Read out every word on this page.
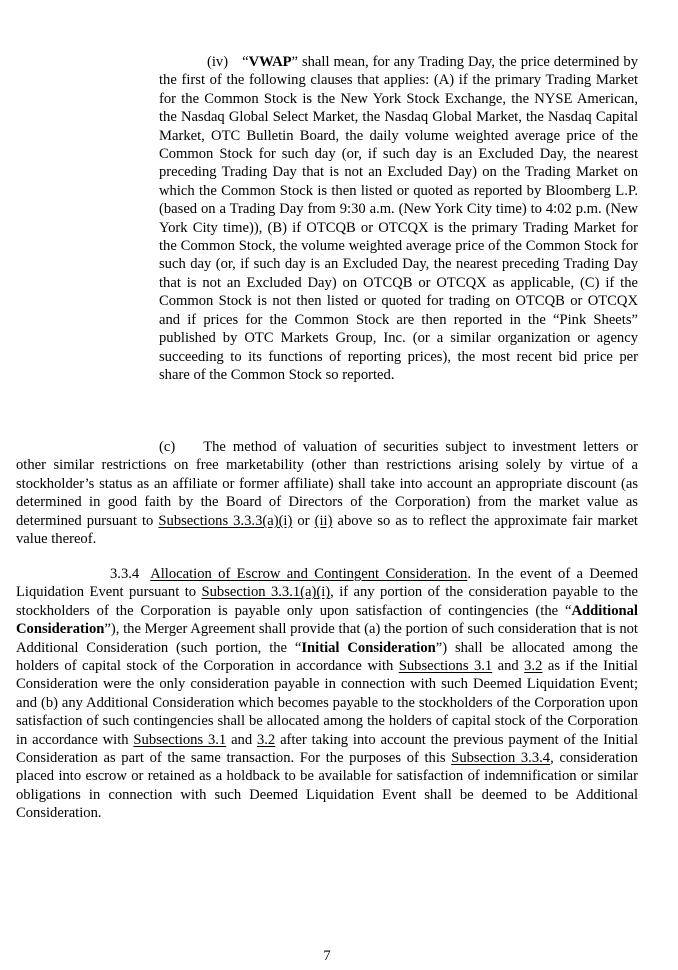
(iv) “VWAP” shall mean, for any Trading Day, the price determined by the first of the following clauses that applies: (A) if the primary Trading Market for the Common Stock is the New York Stock Exchange, the NYSE American, the Nasdaq Global Select Market, the Nasdaq Global Market, the Nasdaq Capital Market, OTC Bulletin Board, the daily volume weighted average price of the Common Stock for such day (or, if such day is an Excluded Day, the nearest preceding Trading Day that is not an Excluded Day) on the Trading Market on which the Common Stock is then listed or quoted as reported by Bloomberg L.P. (based on a Trading Day from 9:30 a.m. (New York City time) to 4:02 p.m. (New York City time)), (B) if OTCQB or OTCQX is the primary Trading Market for the Common Stock, the volume weighted average price of the Common Stock for such day (or, if such day is an Excluded Day, the nearest preceding Trading Day that is not an Excluded Day) on OTCQB or OTCQX as applicable, (C) if the Common Stock is not then listed or quoted for trading on OTCQB or OTCQX and if prices for the Common Stock are then reported in the “Pink Sheets” published by OTC Markets Group, Inc. (or a similar organization or agency succeeding to its functions of reporting prices), the most recent bid price per share of the Common Stock so reported.

(c) The method of valuation of securities subject to investment letters or other similar restrictions on free marketability (other than restrictions arising solely by virtue of a stockholder’s status as an affiliate or former affiliate) shall take into account an appropriate discount (as determined in good faith by the Board of Directors of the Corporation) from the market value as determined pursuant to Subsections 3.3.3(a)(i) or (ii) above so as to reflect the approximate fair market value thereof.

3.3.4 Allocation of Escrow and Contingent Consideration. In the event of a Deemed Liquidation Event pursuant to Subsection 3.3.1(a)(i), if any portion of the consideration payable to the stockholders of the Corporation is payable only upon satisfaction of contingencies (the “Additional Consideration”), the Merger Agreement shall provide that (a) the portion of such consideration that is not Additional Consideration (such portion, the “Initial Consideration”) shall be allocated among the holders of capital stock of the Corporation in accordance with Subsections 3.1 and 3.2 as if the Initial Consideration were the only consideration payable in connection with such Deemed Liquidation Event; and (b) any Additional Consideration which becomes payable to the stockholders of the Corporation upon satisfaction of such contingencies shall be allocated among the holders of capital stock of the Corporation in accordance with Subsections 3.1 and 3.2 after taking into account the previous payment of the Initial Consideration as part of the same transaction. For the purposes of this Subsection 3.3.4, consideration placed into escrow or retained as a holdback to be available for satisfaction of indemnification or similar obligations in connection with such Deemed Liquidation Event shall be deemed to be Additional Consideration.

7
